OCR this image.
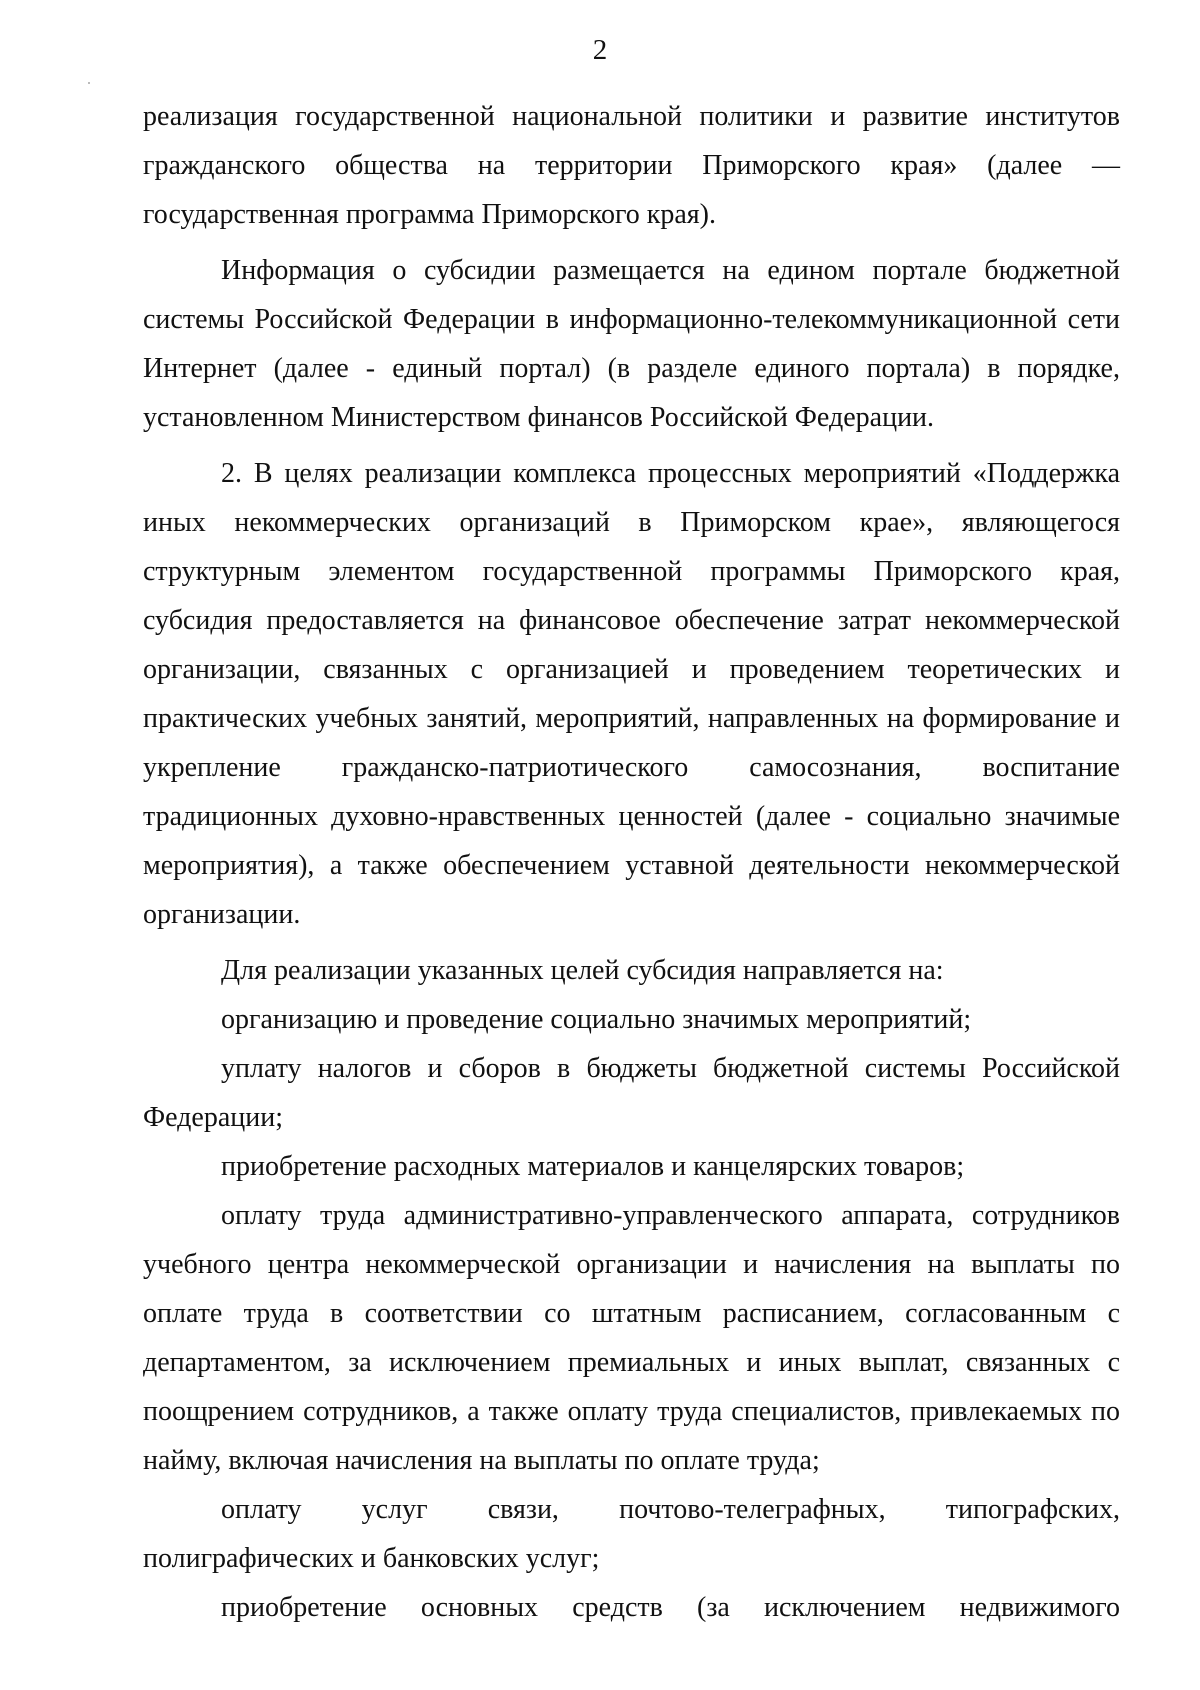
2

реализация государственной национальной политики и развитие институтов гражданского общества на территории Приморского края» (далее — государственная программа Приморского края).

Информация о субсидии размещается на едином портале бюджетной системы Российской Федерации в информационно-телекоммуникационной сети Интернет (далее - единый портал) (в разделе единого портала) в порядке, установленном Министерством финансов Российской Федерации.

2. В целях реализации комплекса процессных мероприятий «Поддержка иных некоммерческих организаций в Приморском крае», являющегося структурным элементом государственной программы Приморского края, субсидия предоставляется на финансовое обеспечение затрат некоммерческой организации, связанных с организацией и проведением теоретических и практических учебных занятий, мероприятий, направленных на формирование и укрепление гражданско-патриотического самосознания, воспитание традиционных духовно-нравственных ценностей (далее - социально значимые мероприятия), а также обеспечением уставной деятельности некоммерческой организации.

Для реализации указанных целей субсидия направляется на:

организацию и проведение социально значимых мероприятий;

уплату налогов и сборов в бюджеты бюджетной системы Российской Федерации;

приобретение расходных материалов и канцелярских товаров;

оплату труда административно-управленческого аппарата, сотрудников учебного центра некоммерческой организации и начисления на выплаты по оплате труда в соответствии со штатным расписанием, согласованным с департаментом, за исключением премиальных и иных выплат, связанных с поощрением сотрудников, а также оплату труда специалистов, привлекаемых по найму, включая начисления на выплаты по оплате труда;

оплату услуг связи, почтово-телеграфных, типографских, полиграфических и банковских услуг;

приобретение основных средств (за исключением недвижимого
